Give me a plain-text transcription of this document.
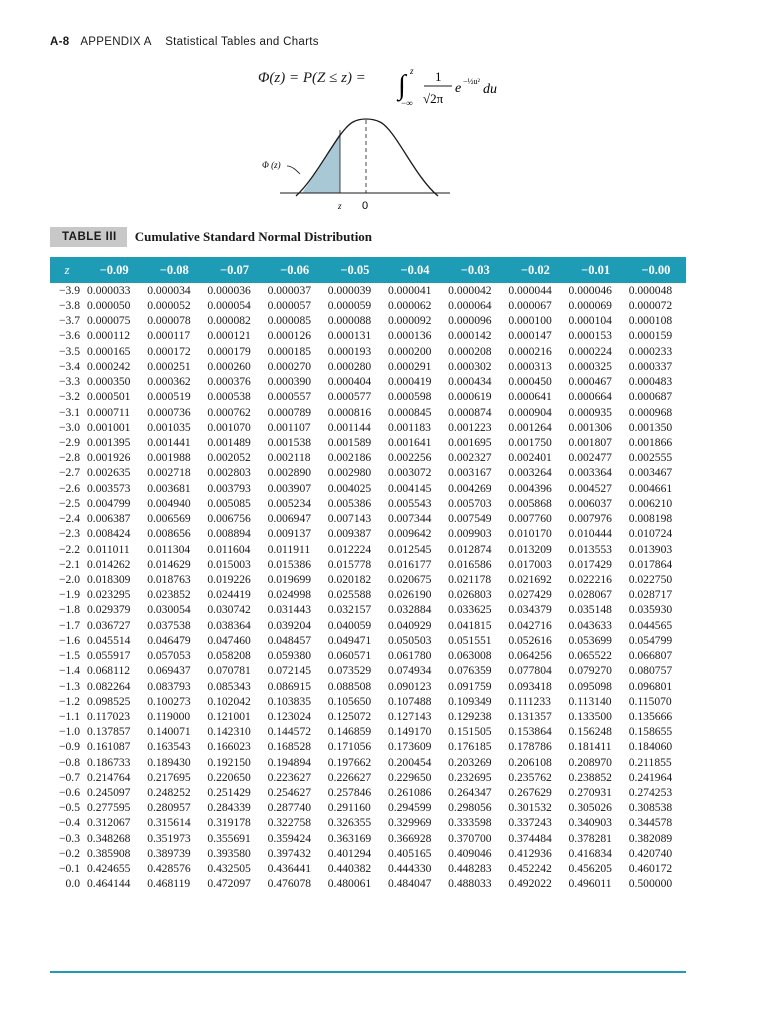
A-8 APPENDIX A Statistical Tables and Charts
Φ(z) = P(Z ≤ z) = ∫ z
−∞
1
√2π
e −½u²
du
Φ (z)
z 0
TABLE III	Cumulative Standard Normal Distribution
z	−0.09	−0.08	−0.07	−0.06	−0.05	−0.04	−0.03	−0.02	−0.01	−0.00
−3.9	0.000033	0.000034	0.000036	0.000037	0.000039	0.000041	0.000042	0.000044	0.000046	0.000048
−3.8	0.000050	0.000052	0.000054	0.000057	0.000059	0.000062	0.000064	0.000067	0.000069	0.000072
−3.7	0.000075	0.000078	0.000082	0.000085	0.000088	0.000092	0.000096	0.000100	0.000104	0.000108
−3.6	0.000112	0.000117	0.000121	0.000126	0.000131	0.000136	0.000142	0.000147	0.000153	0.000159
−3.5	0.000165	0.000172	0.000179	0.000185	0.000193	0.000200	0.000208	0.000216	0.000224	0.000233
−3.4	0.000242	0.000251	0.000260	0.000270	0.000280	0.000291	0.000302	0.000313	0.000325	0.000337
−3.3	0.000350	0.000362	0.000376	0.000390	0.000404	0.000419	0.000434	0.000450	0.000467	0.000483
−3.2	0.000501	0.000519	0.000538	0.000557	0.000577	0.000598	0.000619	0.000641	0.000664	0.000687
−3.1	0.000711	0.000736	0.000762	0.000789	0.000816	0.000845	0.000874	0.000904	0.000935	0.000968
−3.0	0.001001	0.001035	0.001070	0.001107	0.001144	0.001183	0.001223	0.001264	0.001306	0.001350
−2.9	0.001395	0.001441	0.001489	0.001538	0.001589	0.001641	0.001695	0.001750	0.001807	0.001866
−2.8	0.001926	0.001988	0.002052	0.002118	0.002186	0.002256	0.002327	0.002401	0.002477	0.002555
−2.7	0.002635	0.002718	0.002803	0.002890	0.002980	0.003072	0.003167	0.003264	0.003364	0.003467
−2.6	0.003573	0.003681	0.003793	0.003907	0.004025	0.004145	0.004269	0.004396	0.004527	0.004661
−2.5	0.004799	0.004940	0.005085	0.005234	0.005386	0.005543	0.005703	0.005868	0.006037	0.006210
−2.4	0.006387	0.006569	0.006756	0.006947	0.007143	0.007344	0.007549	0.007760	0.007976	0.008198
−2.3	0.008424	0.008656	0.008894	0.009137	0.009387	0.009642	0.009903	0.010170	0.010444	0.010724
−2.2	0.011011	0.011304	0.011604	0.011911	0.012224	0.012545	0.012874	0.013209	0.013553	0.013903
−2.1	0.014262	0.014629	0.015003	0.015386	0.015778	0.016177	0.016586	0.017003	0.017429	0.017864
−2.0	0.018309	0.018763	0.019226	0.019699	0.020182	0.020675	0.021178	0.021692	0.022216	0.022750
−1.9	0.023295	0.023852	0.024419	0.024998	0.025588	0.026190	0.026803	0.027429	0.028067	0.028717
−1.8	0.029379	0.030054	0.030742	0.031443	0.032157	0.032884	0.033625	0.034379	0.035148	0.035930
−1.7	0.036727	0.037538	0.038364	0.039204	0.040059	0.040929	0.041815	0.042716	0.043633	0.044565
−1.6	0.045514	0.046479	0.047460	0.048457	0.049471	0.050503	0.051551	0.052616	0.053699	0.054799
−1.5	0.055917	0.057053	0.058208	0.059380	0.060571	0.061780	0.063008	0.064256	0.065522	0.066807
−1.4	0.068112	0.069437	0.070781	0.072145	0.073529	0.074934	0.076359	0.077804	0.079270	0.080757
−1.3	0.082264	0.083793	0.085343	0.086915	0.088508	0.090123	0.091759	0.093418	0.095098	0.096801
−1.2	0.098525	0.100273	0.102042	0.103835	0.105650	0.107488	0.109349	0.111233	0.113140	0.115070
−1.1	0.117023	0.119000	0.121001	0.123024	0.125072	0.127143	0.129238	0.131357	0.133500	0.135666
−1.0	0.137857	0.140071	0.142310	0.144572	0.146859	0.149170	0.151505	0.153864	0.156248	0.158655
−0.9	0.161087	0.163543	0.166023	0.168528	0.171056	0.173609	0.176185	0.178786	0.181411	0.184060
−0.8	0.186733	0.189430	0.192150	0.194894	0.197662	0.200454	0.203269	0.206108	0.208970	0.211855
−0.7	0.214764	0.217695	0.220650	0.223627	0.226627	0.229650	0.232695	0.235762	0.238852	0.241964
−0.6	0.245097	0.248252	0.251429	0.254627	0.257846	0.261086	0.264347	0.267629	0.270931	0.274253
−0.5	0.277595	0.280957	0.284339	0.287740	0.291160	0.294599	0.298056	0.301532	0.305026	0.308538
−0.4	0.312067	0.315614	0.319178	0.322758	0.326355	0.329969	0.333598	0.337243	0.340903	0.344578
−0.3	0.348268	0.351973	0.355691	0.359424	0.363169	0.366928	0.370700	0.374484	0.378281	0.382089
−0.2	0.385908	0.389739	0.393580	0.397432	0.401294	0.405165	0.409046	0.412936	0.416834	0.420740
−0.1	0.424655	0.428576	0.432505	0.436441	0.440382	0.444330	0.448283	0.452242	0.456205	0.460172
0.0	0.464144	0.468119	0.472097	0.476078	0.480061	0.484047	0.488033	0.492022	0.496011	0.500000
